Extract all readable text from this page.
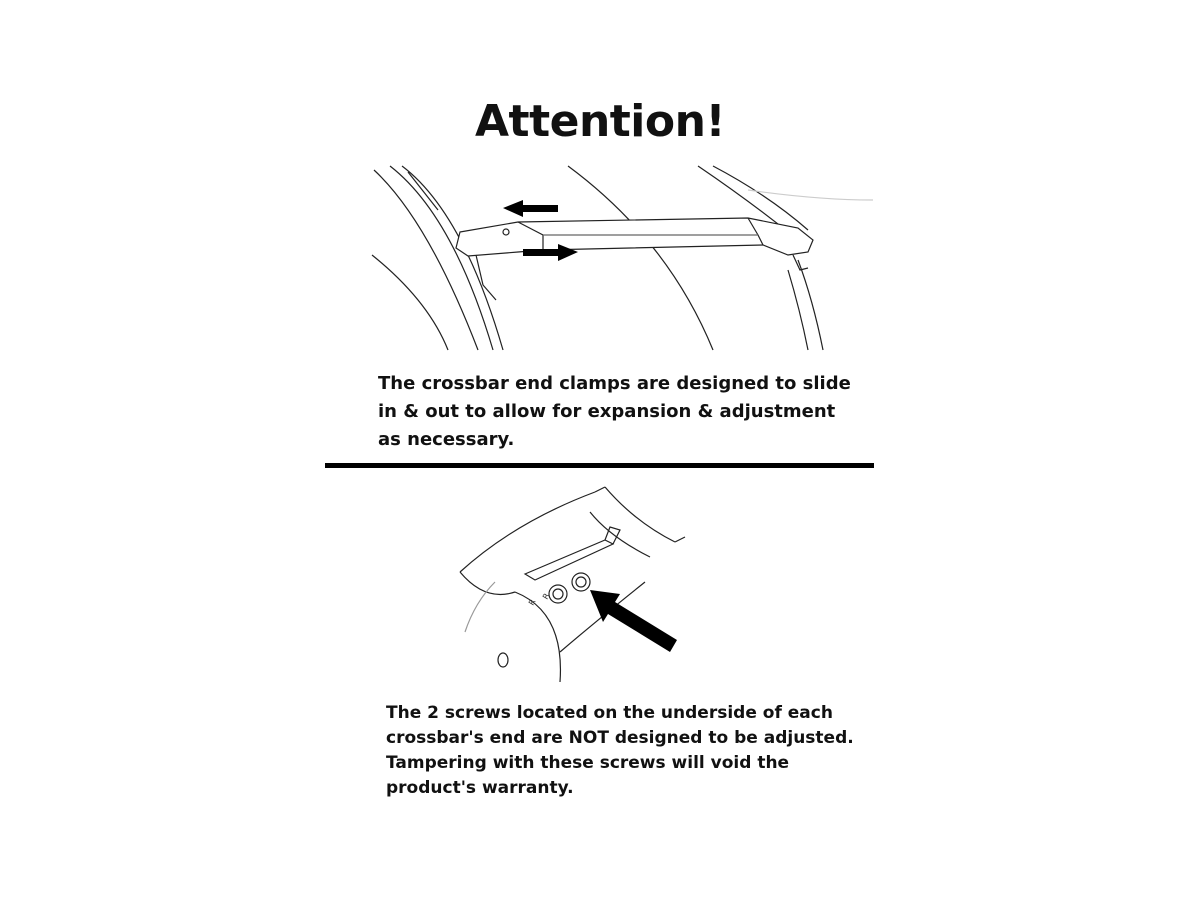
Attention!
The crossbar end clamps are designed to slide in & out to allow for expansion & adjustment as necessary.
R
R
The 2 screws located on the underside of each crossbar's end are NOT designed to be adjusted. Tampering with these screws will void the product's warranty.
